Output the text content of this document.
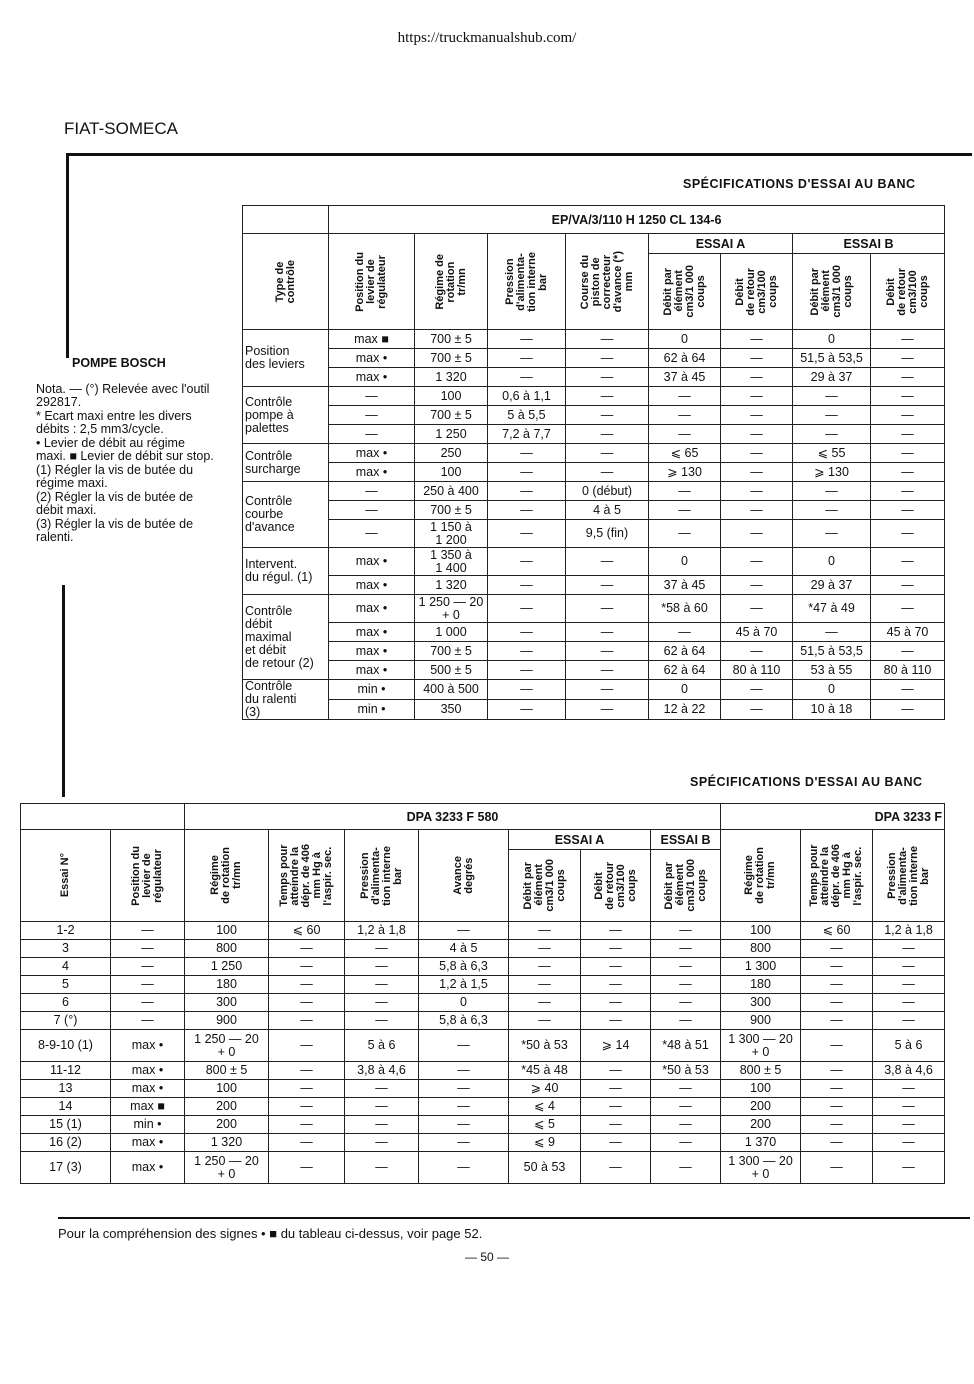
https://truckmanualshub.com/
FIAT-SOMECA
SPÉCIFICATIONS D'ESSAI AU BANC
POMPE BOSCH

Nota. — (°) Relevée avec l'outil 292817.

* Ecart maxi entre les divers débits : 2,5 mm3/cycle.

• Levier de débit au régime maxi. ■ Levier de débit sur stop.

(1) Régler la vis de butée du régime maxi.

(2) Régler la vis de butée de débit maxi.

(3) Régler la vis de butée de ralenti.

	EP/VA/3/110 H 1250 CL 134-6							

Type de
contrôle	Position du
levier de
régulateur	Régime de
rotation
tr/mn	Pression
d'alimenta-
tion interne
bar	Course du
piston de
correcteur
d'avance (*)
mm	ESSAI A		ESSAI B	

					Débit par
élément
cm3/1 000
coups	Débit
de retour
cm3/100
coups	Débit par
élément
cm3/1 000
coups	Débit
de retour
cm3/100
coups

Position
des leviers	max ■	700 ± 5	—	—	0	—	0	—
	max •	700 ± 5	—	—	62 à 64	—	51,5 à 53,5	—
	max •	1 320	—	—	37 à 45	—	29 à 37	—
Contrôle
pompe à
palettes	—	100	0,6 à 1,1	—	—	—	—	—
	—	700 ± 5	5 à 5,5	—	—	—	—	—
	—	1 250	7,2 à 7,7	—	—	—	—	—
Contrôle
surcharge	max •	250	—	—	⩽ 65	—	⩽ 55	—
	max •	100	—	—	⩾ 130	—	⩾ 130	—
Contrôle
courbe
d'avance	—	250 à 400	—	0 (début)	—	—	—	—
	—	700 ± 5	—	4 à 5	—	—	—	—
	—	1 150 à
1 200	—	9,5 (fin)	—	—	—	—
Intervent.
du régul. (1)	max •	1 350 à
1 400	—	—	0	—	0	—
	max •	1 320	—	—	37 à 45	—	29 à 37	—
Contrôle
débit
maximal
et débit
de retour (2)	max •	1 250 — 20
+ 0	—	—	*58 à 60	—	*47 à 49	—
	max •	1 000	—	—	—	45 à 70	—	45 à 70
	max •	700 ± 5	—	—	62 à 64	—	51,5 à 53,5	—
	max •	500 ± 5	—	—	62 à 64	80 à 110	53 à 55	80 à 110
Contrôle
du ralenti
(3)	min •	400 à 500	—	—	0	—	0	—
	min •	350	—	—	12 à 22	—	10 à 18	—
SPÉCIFICATIONS D'ESSAI AU BANC
		DPA 3233 F 580							DPA 3233 F		

Essai N°	Position du
levier de
régulateur	Régime
de rotation
tr/mn	Temps pour
atteindre la
dépr. de 406
mm Hg à
l'aspir. sec.	Pression
d'alimenta-
tion interne
bar	Avance
degrés	ESSAI A		ESSAI B	Régime
de rotation
tr/mn	Temps pour
atteindre la
dépr. de 406
mm Hg à
l'aspir. sec.	Pression
d'alimenta-
tion interne
bar

						Débit par
élément
cm3/1 000
coups	Débit
de retour
cm3/100
coups	Débit par
élément
cm3/1 000
coups			

1-2	—	100	⩽ 60	1,2 à 1,8	—	—	—	—	100	⩽ 60	1,2 à 1,8
3	—	800	—	—	4 à 5	—	—	—	800	—	—
4	—	1 250	—	—	5,8 à 6,3	—	—	—	1 300	—	—
5	—	180	—	—	1,2 à 1,5	—	—	—	180	—	—
6	—	300	—	—	0	—	—	—	300	—	—
7 (°)	—	900	—	—	5,8 à 6,3	—	—	—	900	—	—
8-9-10 (1)	max •	1 250 — 20
+ 0	—	5 à 6	—	*50 à 53	⩾ 14	*48 à 51	1 300 — 20
+ 0	—	5 à 6
11-12	max •	800 ± 5	—	3,8 à 4,6	—	*45 à 48	—	*50 à 53	800 ± 5	—	3,8 à 4,6
13	max •	100	—	—	—	⩾ 40	—	—	100	—	—
14	max ■	200	—	—	—	⩽ 4	—	—	200	—	—
15 (1)	min •	200	—	—	—	⩽ 5	—	—	200	—	—
16 (2)	max •	1 320	—	—	—	⩽ 9	—	—	1 370	—	—
17 (3)	max •	1 250 — 20
+ 0	—	—	—	50 à 53	—	—	1 300 — 20
+ 0	—	—
Pour la compréhension des signes • ■ du tableau ci-dessus, voir page 52.
— 50 —
